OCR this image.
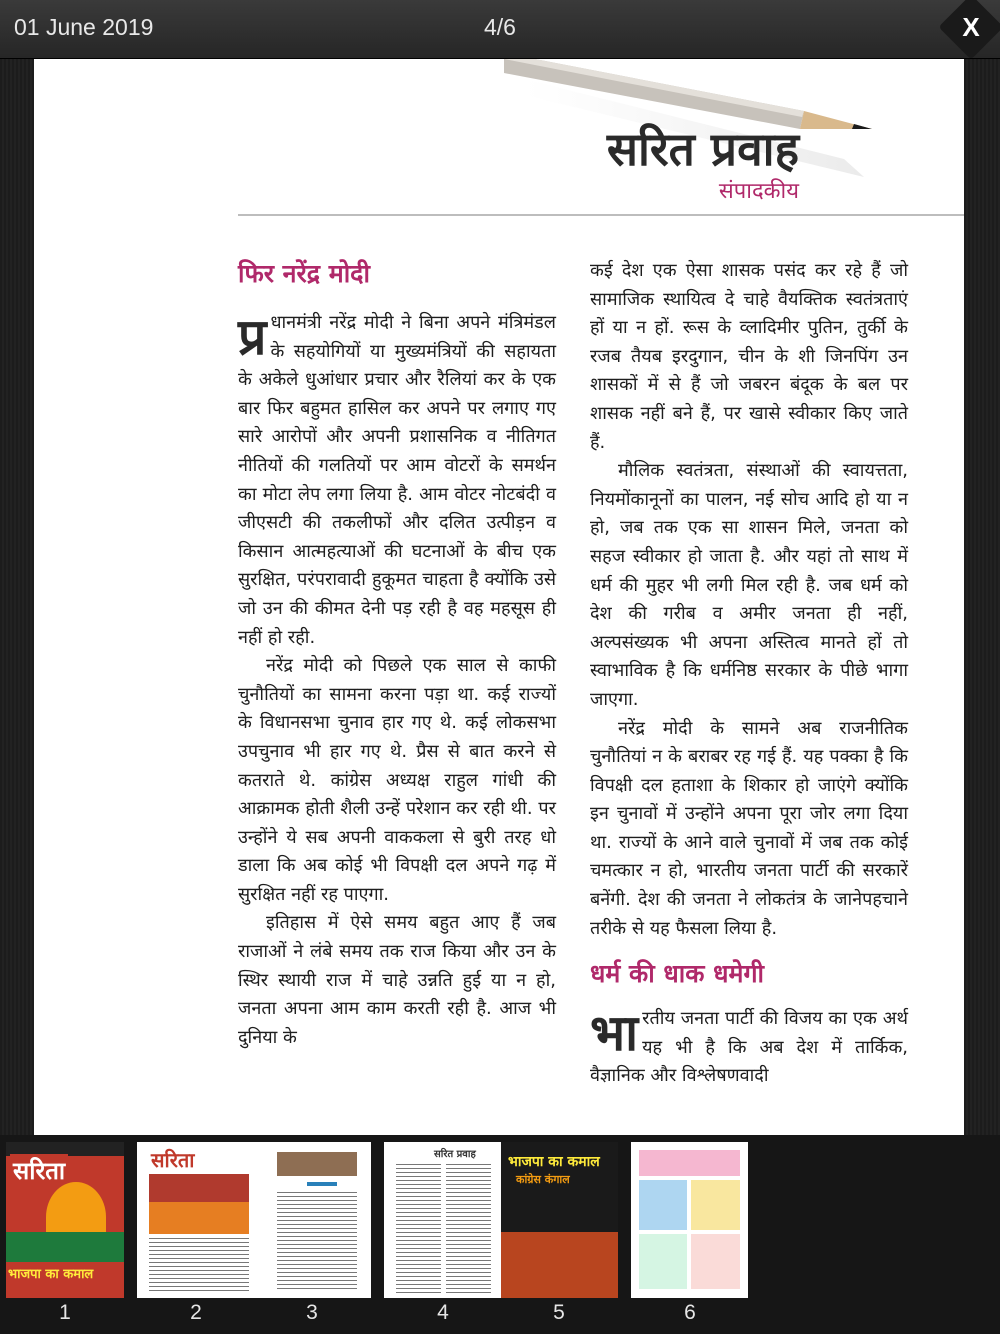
01 June 2019	4/6	X
सरित प्रवाह
संपादकीय
फिर नरेंद्र मोदी

प्र धानमंत्री नरेंद्र मोदी ने बिना अपने मंत्रिमंडल के सहयोगियों या मुख्यमंत्रियों की सहायता के अकेले धुआंधार प्रचार और रैलियां कर के एक बार फिर बहुमत हासिल कर अपने पर लगाए गए सारे आरोपों और अपनी प्रशासनिक व नीतिगत नीतियों की गलतियों पर आम वोटरों के समर्थन का मोटा लेप लगा लिया है. आम वोटर नोटबंदी व जीएसटी की तकलीफों और दलित उत्पीड़न व किसान आत्महत्याओं की घटनाओं के बीच एक सुरक्षित, परंपरावादी हुकूमत चाहता है क्योंकि उसे जो उन की कीमत देनी पड़ रही है वह महसूस ही नहीं हो रही.

नरेंद्र मोदी को पिछले एक साल से काफी चुनौतियों का सामना करना पड़ा था. कई राज्यों के विधानसभा चुनाव हार गए थे. कई लोकसभा उपचुनाव भी हार गए थे. प्रैस से बात करने से कतराते थे. कांग्रेस अध्यक्ष राहुल गांधी की आक्रामक होती शैली उन्हें परेशान कर रही थी. पर उन्होंने ये सब अपनी वाककला से बुरी तरह धो डाला कि अब कोई भी विपक्षी दल अपने गढ़ में सुरक्षित नहीं रह पाएगा.

इतिहास में ऐसे समय बहुत आए हैं जब राजाओं ने लंबे समय तक राज किया और उन के स्थिर स्थायी राज में चाहे उन्नति हुई या न हो, जनता अपना आम काम करती रही है. आज भी दुनिया के

कई देश एक ऐसा शासक पसंद कर रहे हैं जो सामाजिक स्थायित्व दे चाहे वैयक्तिक स्वतंत्रताएं हों या न हों. रूस के व्लादिमीर पुतिन, तुर्की के रजब तैयब इरदुगान, चीन के शी जिनपिंग उन शासकों में से हैं जो जबरन बंदूक के बल पर शासक नहीं बने हैं, पर खासे स्वीकार किए जाते हैं.

मौलिक स्वतंत्रता, संस्थाओं की स्वायत्तता, नियमोंकानूनों का पालन, नई सोच आदि हो या न हो, जब तक एक सा शासन मिले, जनता को सहज स्वीकार हो जाता है. और यहां तो साथ में धर्म की मुहर भी लगी मिल रही है. जब धर्म को देश की गरीब व अमीर जनता ही नहीं, अल्पसंख्यक भी अपना अस्तित्व मानते हों तो स्वाभाविक है कि धर्मनिष्ठ सरकार के पीछे भागा जाएगा.

नरेंद्र मोदी के सामने अब राजनीतिक चुनौतियां न के बराबर रह गई हैं. यह पक्का है कि विपक्षी दल हताशा के शिकार हो जाएंगे क्योंकि इन चुनावों में उन्होंने अपना पूरा जोर लगा दिया था. राज्यों के आने वाले चुनावों में जब तक कोई चमत्कार न हो, भारतीय जनता पार्टी की सरकारें बनेंगी. देश की जनता ने लोकतंत्र के जानेपहचाने तरीके से यह फैसला लिया है.

धर्म की धाक धमेगी

भारतीय जनता पार्टी की विजय का एक अर्थ यह भी है कि अब देश में तार्किक, वैज्ञानिक और विश्लेषणवादी

सरिता
भाजपा का कमाल
1
सरिता
2	3
सरित प्रवाह भाजपा का कमाल
कांग्रेस कंगाल
4	5	6
